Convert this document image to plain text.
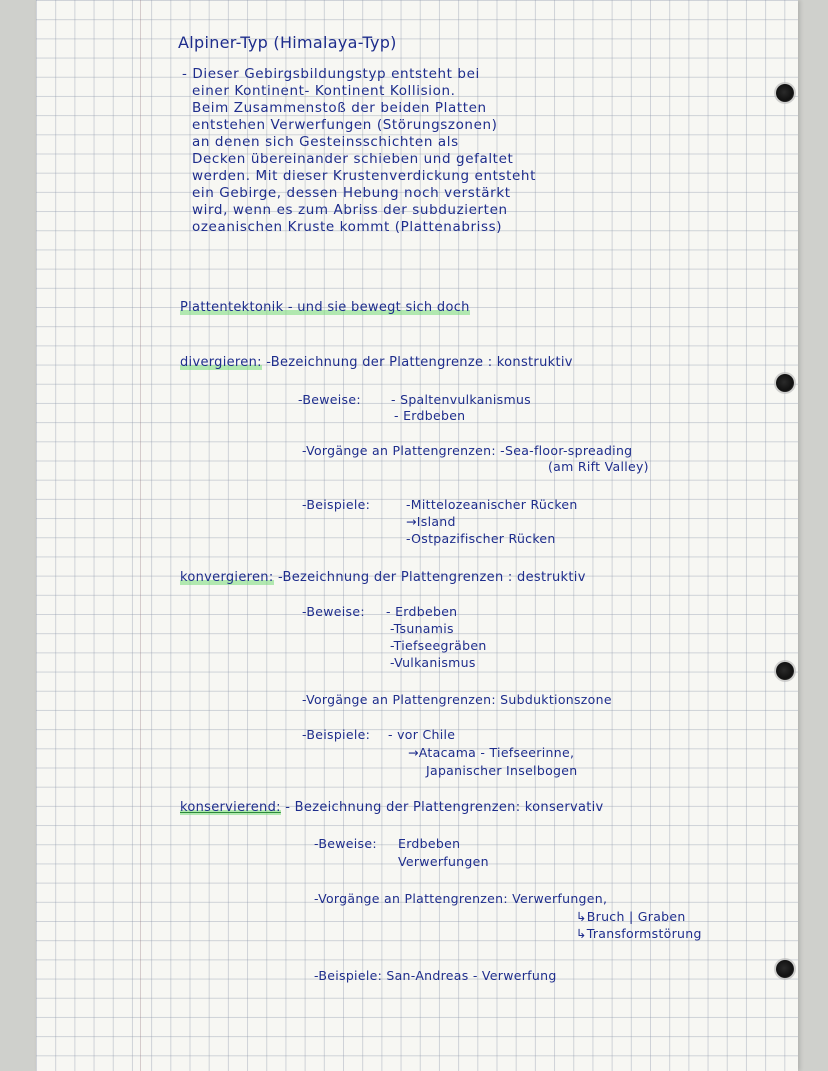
Alpiner-Typ (Himalaya-Typ)
- Dieser Gebirgsbildungstyp entsteht bei
einer Kontinent- Kontinent Kollision.
Beim Zusammenstoß der beiden Platten
entstehen Verwerfungen (Störungszonen)
an denen sich Gesteinsschichten als
Decken übereinander schieben und gefaltet
werden. Mit dieser Krustenverdickung entsteht
ein Gebirge, dessen Hebung noch verstärkt
wird, wenn es zum Abriss der subduzierten
ozeanischen Kruste kommt (Plattenabriss)
Plattentektonik - und sie bewegt sich doch
divergieren: -Bezeichnung der Plattengrenze : konstruktiv
-Beweise: - Spaltenvulkanismus
- Erdbeben
-Vorgänge an Plattengrenzen: -Sea-floor-spreading
(am Rift Valley)
-Beispiele:	-Mittelozeanischer Rücken
→Island
-Ostpazifischer Rücken
konvergieren: -Bezeichnung der Plattengrenzen : destruktiv
-Beweise: - Erdbeben
-Tsunamis
-Tiefseegräben
-Vulkanismus
-Vorgänge an Plattengrenzen: Subduktionszone
-Beispiele: - vor Chile
→Atacama - Tiefseerinne,
Japanischer Inselbogen
konservierend: - Bezeichnung der Plattengrenzen: konservativ
-Beweise: Erdbeben
Verwerfungen
-Vorgänge an Plattengrenzen: Verwerfungen,
↳Bruch | Graben
↳Transformstörung
-Beispiele: San-Andreas - Verwerfung
